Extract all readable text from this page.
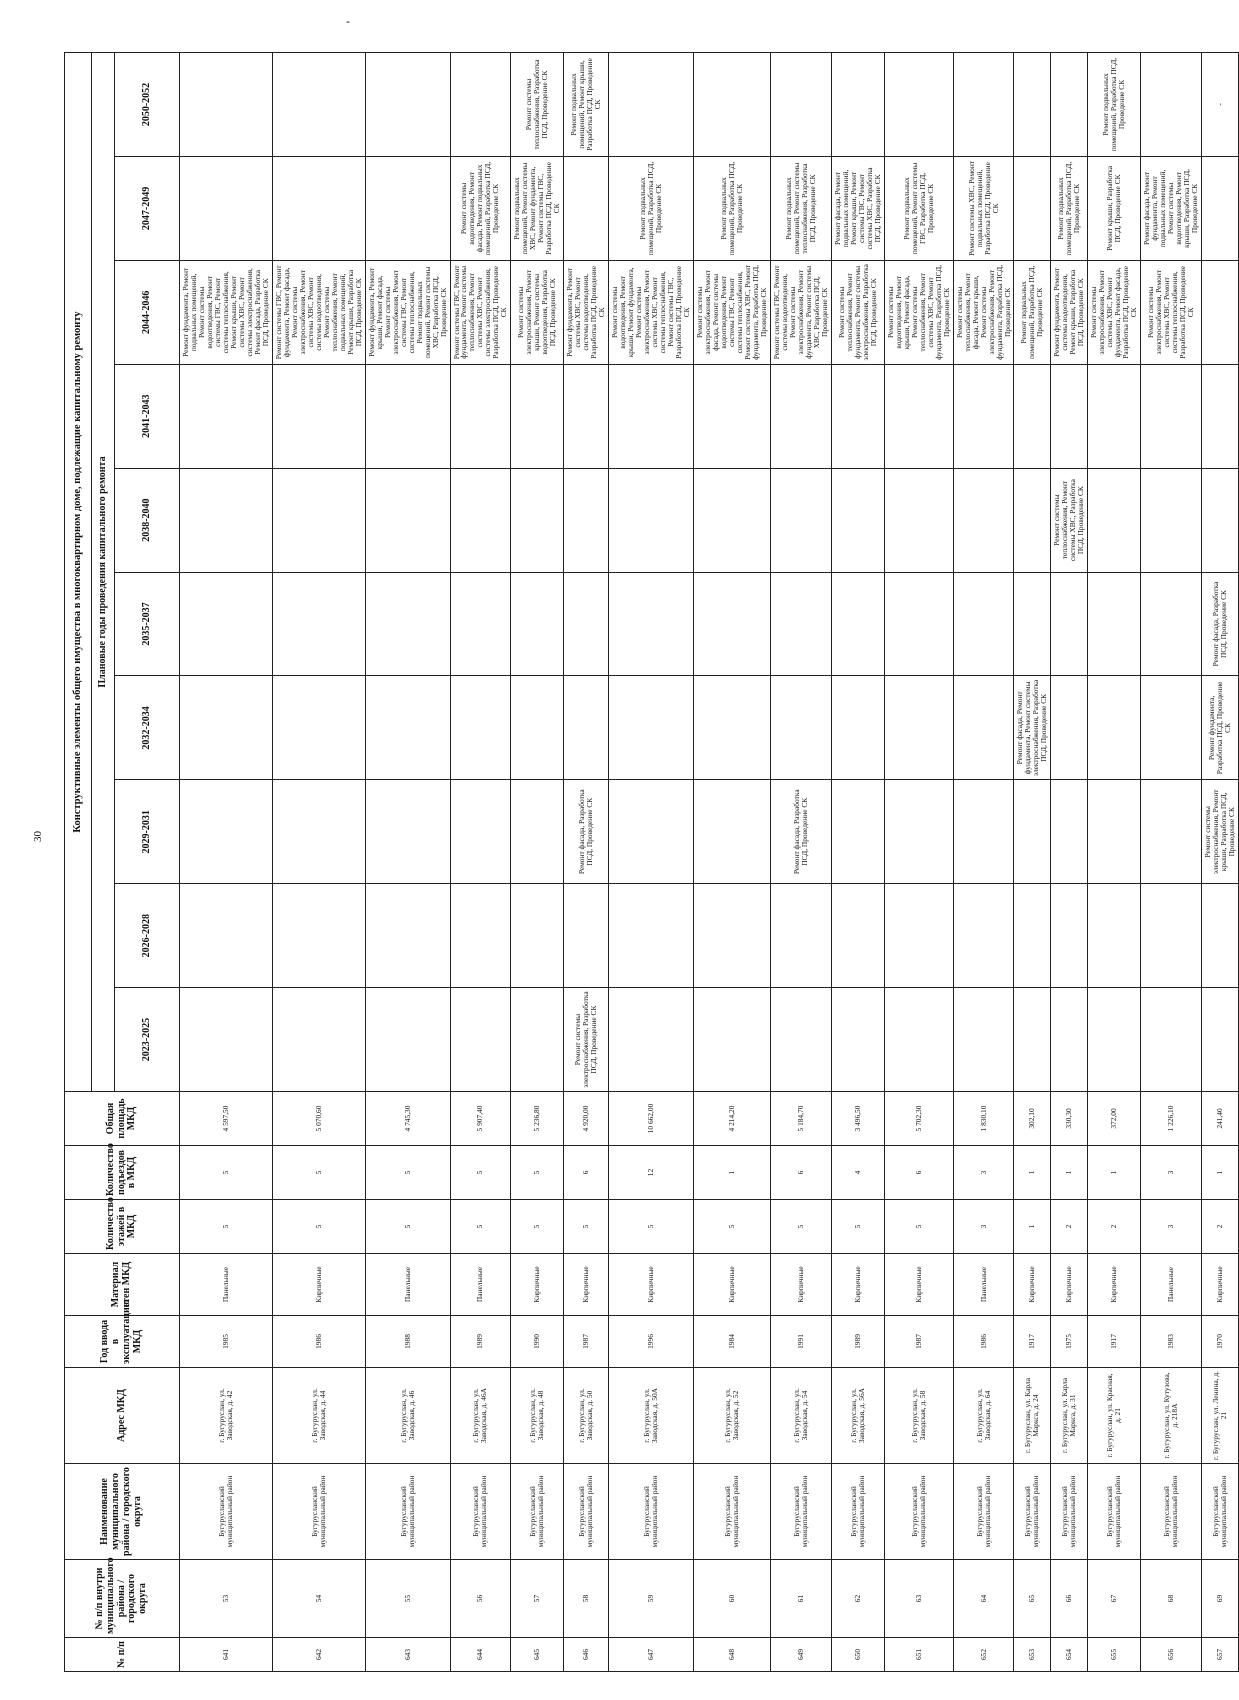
-
30
№ п/п	№ п/п внутри муниципального района / городского округа	Наименование муниципального района / городского округа	Адрес МКД	Год ввода в эксплуатацию МКД	Материал стен МКД	Количество этажей в МКД	Количество подъездов в МКД	Общая площадь МКД	Конструктивные элементы общего имущества в многоквартирном доме, подлежащие капитальному ремонту									
									Плановые годы проведения капитального ремонта									
									2023-2025	2026-2028	2029-2031	2032-2034	2035-2037	2038-2040	2041-2043	2044-2046	2047-2049	2050-2052
641	53	Бугурусланский муниципальный район	г. Бугуруслан, ул. Заводская, д. 42	1985	Панельные	5	5	4 597,50								Ремонт фундамента, Ремонт подвальных помещений, Ремонт системы водоотведения, Ремонт системы ГВС, Ремонт системы теплоснабжения, Ремонт крыши, Ремонт системы ХВС, Ремонт системы электроснабжения, Ремонт фасада, Разработка ПСД, Проведение СК		
642	54	Бугурусланский муниципальный район	г. Бугуруслан, ул. Заводская, д. 44	1986	Кирпичные	5	5	5 070,60								Ремонт системы ГВС, Ремонт фундамента, Ремонт фасада, Ремонт системы электроснабжения, Ремонт системы ХВС, Ремонт системы водоотведения, Ремонт системы теплоснабжения, Ремонт подвальных помещений, Ремонт крыши, Разработка ПСД, Проведение СК		
643	55	Бугурусланский муниципальный район	г. Бугуруслан, ул. Заводская, д. 46	1988	Панельные	5	5	4 745,30								Ремонт фундамента, Ремонт крыши, Ремонт фасада, Ремонт системы электроснабжения, Ремонт системы ГВС, Ремонт системы теплоснабжения, Ремонт подвальных помещений, Ремонт системы ХВС, Разработка ПСД, Проведение СК		
644	56	Бугурусланский муниципальный район	г. Бугуруслан, ул. Заводская, д. 46А	1989	Панельные	5	5	5 907,40								Ремонт системы ГВС, Ремонт фундамента, Ремонт системы теплоснабжения, Ремонт системы ХВС, Ремонт системы электроснабжения, Разработка ПСД, Проведение СК	Ремонт системы водоотведения, Ремонт фасада, Ремонт подвальных помещений, Разработка ПСД, Проведение СК	
645	57	Бугурусланский муниципальный район	г. Бугуруслан, ул. Заводская, д. 48	1990	Кирпичные	5	5	5 236,80								Ремонт системы электроснабжения, Ремонт крыши, Ремонт системы водоотведения, Разработка ПСД, Проведение СК	Ремонт подвальных помещений, Ремонт системы ХВС, Ремонт фундамента, Ремонт системы ГВС, Разработка ПСД, Проведение СК	Ремонт системы теплоснабжения, Разработка ПСД, Проведение СК
646	58	Бугурусланский муниципальный район	г. Бугуруслан, ул. Заводская, д. 50	1987	Кирпичные	5	6	4 920,00	Ремонт системы электроснабжения, Разработка ПСД, Проведение СК		Ремонт фасада, Разработка ПСД, Проведение СК					Ремонт фундамента, Ремонт системы ХВС, Ремонт системы водоотведения, Разработка ПСД, Проведение СК		Ремонт подвальных помещений, Ремонт крыши, Разработка ПСД, Проведение СК
647	59	Бугурусланский муниципальный район	г. Бугуруслан, ул. Заводская, д. 50А	1996	Кирпичные	5	12	10 662,00								Ремонт системы водоотведения, Ремонт крыши, Ремонт фундамента, Ремонт системы электроснабжения, Ремонт системы ХВС, Ремонт системы теплоснабжения, Ремонт системы ГВС, Разработка ПСД, Проведение СК	Ремонт подвальных помещений, Разработка ПСД, Проведение СК	
648	60	Бугурусланский муниципальный район	г. Бугуруслан, ул. Заводская, д. 52	1984	Кирпичные	5	1	4 214,20								Ремонт системы электроснабжения, Ремонт фасада, Ремонт системы водоотведения, Ремонт системы ГВС, Ремонт системы теплоснабжения, Ремонт системы ХВС, Ремонт фундамента, Разработка ПСД, Проведение СК	Ремонт подвальных помещений, Разработка ПСД, Проведение СК	
649	61	Бугурусланский муниципальный район	г. Бугуруслан, ул. Заводская, д. 54	1991	Кирпичные	5	6	5 184,70			Ремонт фасада, Разработка ПСД, Проведение СК					Ремонт системы ГВС, Ремонт системы водоотведения, Ремонт системы электроснабжения, Ремонт фундамента, Ремонт системы ХВС, Разработка ПСД, Проведение СК	Ремонт подвальных помещений, Ремонт системы теплоснабжения, Разработка ПСД, Проведение СК	
650	62	Бугурусланский муниципальный район	г. Бугуруслан, ул. Заводская, д. 56А	1989	Кирпичные	5	4	3 496,50								Ремонт системы теплоснабжения, Ремонт фундамента, Ремонт системы электроснабжения, Разработка ПСД, Проведение СК	Ремонт фасада, Ремонт подвальных помещений, Ремонт крыши, Ремонт системы ГВС, Ремонт системы ХВС, Разработка ПСД, Проведение СК	
651	63	Бугурусланский муниципальный район	г. Бугуруслан, ул. Заводская, д. 58	1987	Кирпичные	5	6	5 702,30								Ремонт системы водоотведения, Ремонт крыши, Ремонт фасада, Ремонт системы теплоснабжения, Ремонт системы ХВС, Ремонт фундамента, Разработка ПСД, Проведение СК	Ремонт подвальных помещений, Ремонт системы ГВС, Разработка ПСД, Проведение СК	
652	64	Бугурусланский муниципальный район	г. Бугуруслан, ул. Заводская, д. 64	1986	Панельные	3	3	1 830,10								Ремонт системы теплоснабжения, Ремонт фасада, Ремонт крыши, Ремонт системы электроснабжения, Ремонт фундамента, Разработка ПСД, Проведение СК	Ремонт системы ХВС, Ремонт подвальных помещений, Разработка ПСД, Проведение СК	
653	65	Бугурусланский муниципальный район	г. Бугуруслан, ул. Карла Маркса, д. 24	1917	Кирпичные	1	1	302,10				Ремонт фасада, Ремонт фундамента, Ремонт системы электроснабжения, Разработка ПСД, Проведение СК				Ремонт подвальных помещений, Разработка ПСД, Проведение СК		
654	66	Бугурусланский муниципальный район	г. Бугуруслан, ул. Карла Маркса, д. 31	1975	Кирпичные	2	1	330,30						Ремонт системы теплоснабжения, Ремонт системы ХВС, Разработка ПСД, Проведение СК		Ремонт фундамента, Ремонт системы водоотведения, Ремонт крыши, Разработка ПСД, Проведение СК	Ремонт подвальных помещений, Разработка ПСД, Проведение СК	
655	67	Бугурусланский муниципальный район	г. Бугуруслан, ул. Красная, д. 21	1917	Кирпичные	2	1	372,00								Ремонт системы электроснабжения, Ремонт системы ХВС, Ремонт фундамента, Ремонт фасада, Разработка ПСД, Проведение СК	Ремонт крыши, Разработка ПСД, Проведение СК	Ремонт подвальных помещений, Разработка ПСД, Проведение СК
656	68	Бугурусланский муниципальный район	г. Бугуруслан, ул. Кутузова, д. 218А	1983	Панельные	3	3	1 226,10								Ремонт системы электроснабжения, Ремонт системы ХВС, Ремонт системы теплоснабжения, Разработка ПСД, Проведение СК	Ремонт фасада, Ремонт фундамента, Ремонт подвальных помещений, Ремонт системы водоотведения, Ремонт крыши, Разработка ПСД, Проведение СК	
657	69	Бугурусланский муниципальный район	г. Бугуруслан, ул. Ленина, д. 21	1970	Кирпичные	2	1	241,40			Ремонт системы электроснабжения, Ремонт крыши, Разработка ПСД, Проведение СК	Ремонт фундамента, Разработка ПСД, Проведение СК	Ремонт фасада, Разработка ПСД, Проведение СК					-
